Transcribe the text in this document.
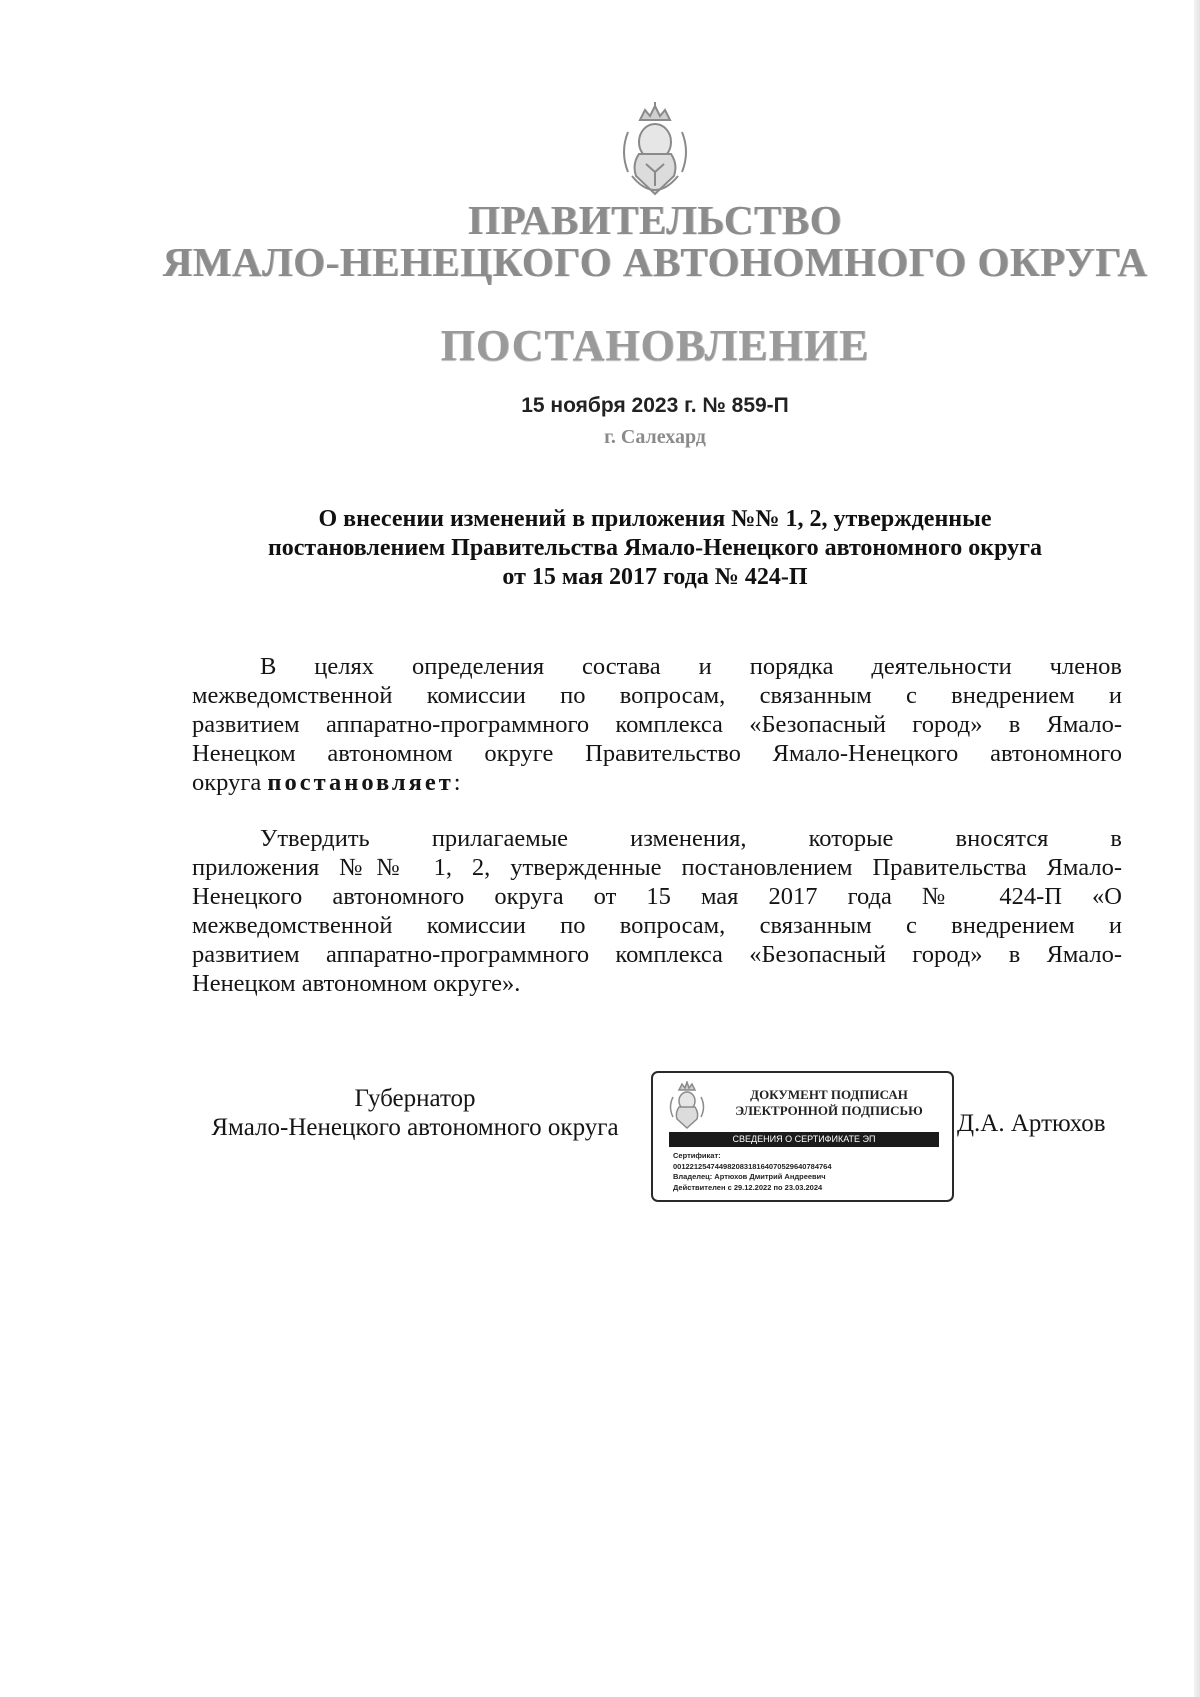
ПРАВИТЕЛЬСТВО
ЯМАЛО-НЕНЕЦКОГО АВТОНОМНОГО ОКРУГА
ПОСТАНОВЛЕНИЕ
15 ноября 2023 г. № 859-П
г. Салехард
О внесении изменений в приложения №№ 1, 2, утвержденные
постановлением Правительства Ямало-Ненецкого автономного округа
от 15 мая 2017 года № 424-П
В целях определения состава и порядка деятельности членов
межведомственной комиссии по вопросам, связанным с внедрением и
развитием аппаратно-программного комплекса «Безопасный город» в Ямало-
Ненецком автономном округе Правительство Ямало-Ненецкого автономного
округа постановляет:
Утвердить прилагаемые изменения, которые вносятся в
приложения №№ 1, 2, утвержденные постановлением Правительства Ямало-
Ненецкого автономного округа от 15 мая 2017 года № 424-П «О
межведомственной комиссии по вопросам, связанным с внедрением и
развитием аппаратно-программного комплекса «Безопасный город» в Ямало-
Ненецком автономном округе».
Губернатор
Ямало-Ненецкого автономного округа
ДОКУМЕНТ ПОДПИСАН
ЭЛЕКТРОННОЙ ПОДПИСЬЮ
СВЕДЕНИЯ О СЕРТИФИКАТЕ ЭП
Сертификат:
00122125474498208318164070529640784764
Владелец: Артюхов Дмитрий Андреевич
Действителен с 29.12.2022 по 23.03.2024
Д.А. Артюхов
